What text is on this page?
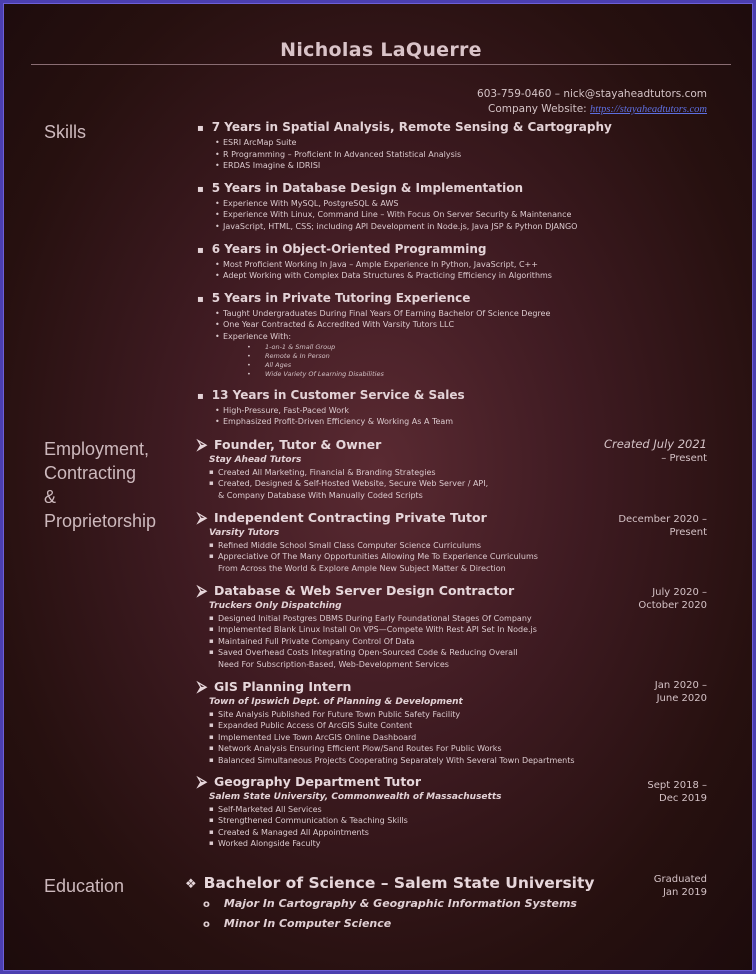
Nicholas LaQuerre
603-759-0460 – nick@stayaheadtutors.com
Company Website: https://stayaheadtutors.com
Skills
▪	7 Years in Spatial Analysis, Remote Sensing & Cartography
• ESRI ArcMap Suite
• R Programming – Proficient In Advanced Statistical Analysis
• ERDAS Imagine & IDRISI
▪ 5 Years in Database Design & Implementation
• Experience With MySQL, PostgreSQL & AWS
• Experience With Linux, Command Line – With Focus On Server Security & Maintenance
• JavaScript, HTML, CSS; including API Development in Node.js, Java JSP & Python DJANGO
▪ 6 Years in Object-Oriented Programming
• Most Proficient Working In Java – Ample Experience In Python, JavaScript, C++
• Adept Working with Complex Data Structures & Practicing Efficiency in Algorithms
▪ 5 Years in Private Tutoring Experience
• Taught Undergraduates During Final Years Of Earning Bachelor Of Science Degree
• One Year Contracted & Accredited With Varsity Tutors LLC
• Experience With:
• 1-on-1 & Small Group
• Remote & In Person
• All Ages
• Wide Variety Of Learning Disabilities
▪ 13 Years in Customer Service & Sales
• High-Pressure, Fast-Paced Work
• Emphasized Profit-Driven Efficiency & Working As A Team
Employment,
Contracting
&
Proprietorship
⮚ Founder, Tutor & Owner
Stay Ahead Tutors
▪ Created All Marketing, Financial & Branding Strategies
▪ Created, Designed & Self-Hosted Website, Secure Web Server / API,
& Company Database With Manually Coded Scripts
Created July 2021
– Present
⮚ Independent Contracting Private Tutor
Varsity Tutors
▪ Refined Middle School Small Class Computer Science Curriculums
▪ Appreciative Of The Many Opportunities Allowing Me To Experience Curriculums
From Across the World & Explore Ample New Subject Matter & Direction
December 2020 –
Present
⮚ Database & Web Server Design Contractor
Truckers Only Dispatching
▪ Designed Initial Postgres DBMS During Early Foundational Stages Of Company
▪ Implemented Blank Linux Install On VPS—Compete With Rest API Set In Node.js
▪ Maintained Full Private Company Control Of Data
▪ Saved Overhead Costs Integrating Open-Sourced Code & Reducing Overall
Need For Subscription-Based, Web-Development Services
July 2020 –
October 2020
⮚ GIS Planning Intern
Town of Ipswich Dept. of Planning & Development
▪ Site Analysis Published For Future Town Public Safety Facility
▪ Expanded Public Access Of ArcGIS Suite Content
▪ Implemented Live Town ArcGIS Online Dashboard
▪ Network Analysis Ensuring Efficient Plow/Sand Routes For Public Works
▪ Balanced Simultaneous Projects Cooperating Separately With Several Town Departments
Jan 2020 –
June 2020
⮚ Geography Department Tutor
Salem State University, Commonwealth of Massachusetts
▪ Self-Marketed All Services
▪ Strengthened Communication & Teaching Skills
▪ Created & Managed All Appointments
▪ Worked Alongside Faculty
Sept 2018 –
Dec 2019
Education	❖ Bachelor of Science – Salem State University
o Major In Cartography & Geographic Information Systems
o Minor In Computer Science
Graduated
Jan 2019
